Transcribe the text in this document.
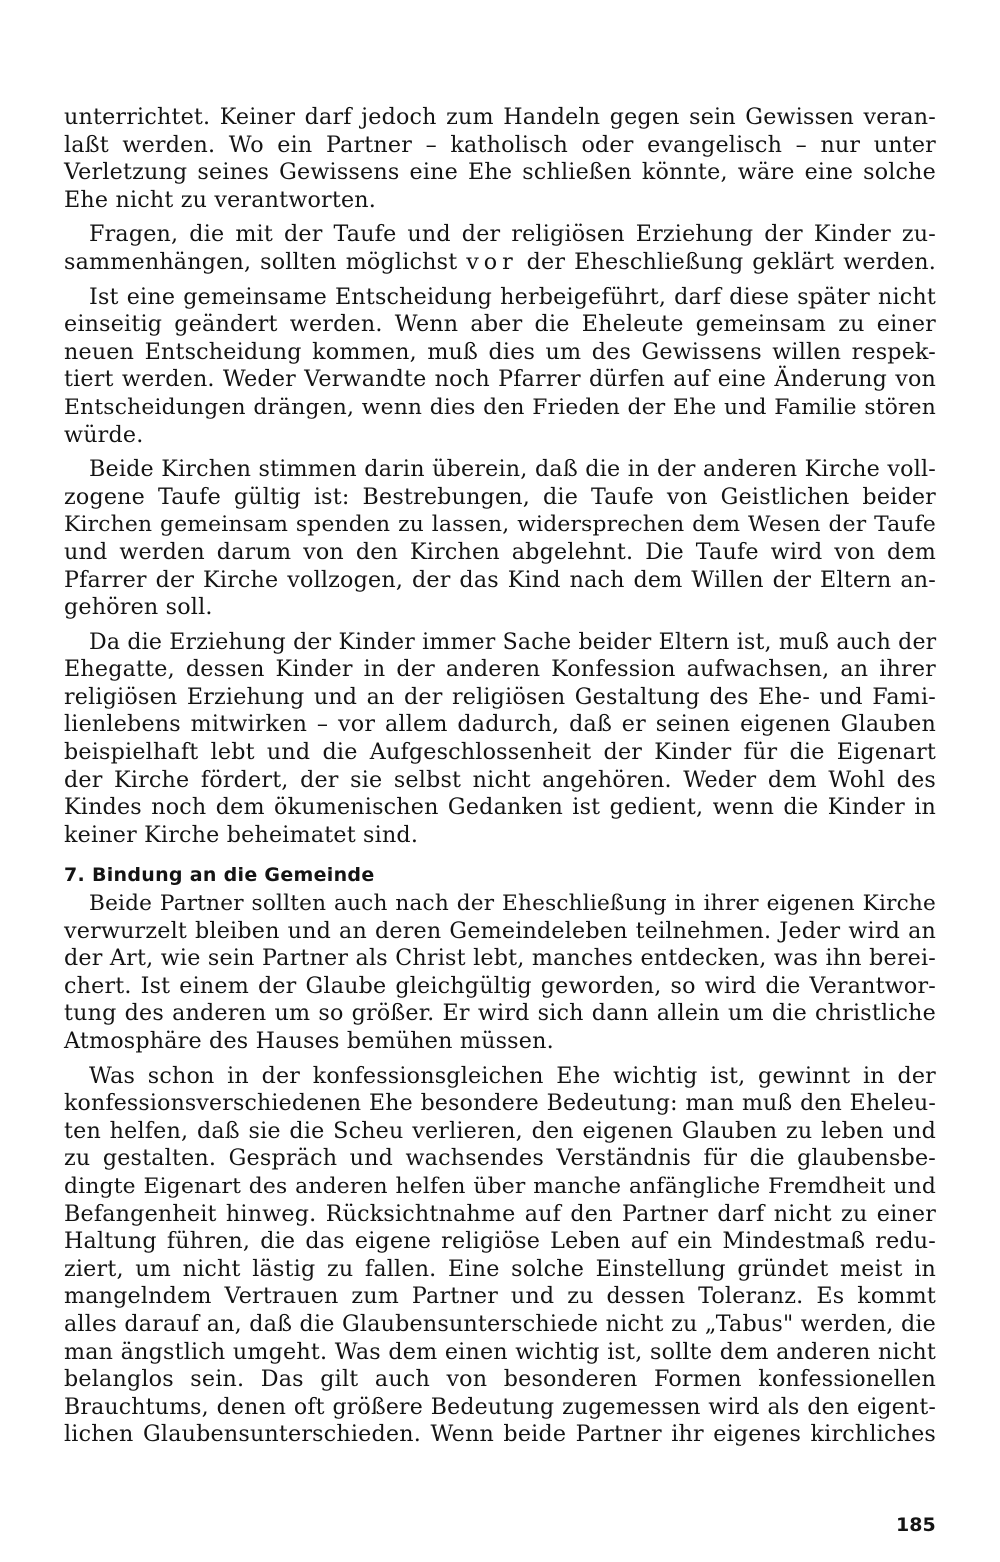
unterrichtet. Keiner darf jedoch zum Handeln gegen sein Gewissen veran-
laßt werden. Wo ein Partner – katholisch oder evangelisch – nur unter
Verletzung seines Gewissens eine Ehe schließen könnte, wäre eine solche
Ehe nicht zu verantworten.
Fragen, die mit der Taufe und der religiösen Erziehung der Kinder zu-
sammenhängen, sollten möglichst vor der Eheschließung geklärt werden.
Ist eine gemeinsame Entscheidung herbeigeführt, darf diese später nicht
einseitig geändert werden. Wenn aber die Eheleute gemeinsam zu einer
neuen Entscheidung kommen, muß dies um des Gewissens willen respek-
tiert werden. Weder Verwandte noch Pfarrer dürfen auf eine Änderung von
Entscheidungen drängen, wenn dies den Frieden der Ehe und Familie stören
würde.
Beide Kirchen stimmen darin überein, daß die in der anderen Kirche voll-
zogene Taufe gültig ist: Bestrebungen, die Taufe von Geistlichen beider
Kirchen gemeinsam spenden zu lassen, widersprechen dem Wesen der Taufe
und werden darum von den Kirchen abgelehnt. Die Taufe wird von dem
Pfarrer der Kirche vollzogen, der das Kind nach dem Willen der Eltern an-
gehören soll.
Da die Erziehung der Kinder immer Sache beider Eltern ist, muß auch der
Ehegatte, dessen Kinder in der anderen Konfession aufwachsen, an ihrer
religiösen Erziehung und an der religiösen Gestaltung des Ehe- und Fami-
lienlebens mitwirken – vor allem dadurch, daß er seinen eigenen Glauben
beispielhaft lebt und die Aufgeschlossenheit der Kinder für die Eigenart
der Kirche fördert, der sie selbst nicht angehören. Weder dem Wohl des
Kindes noch dem ökumenischen Gedanken ist gedient, wenn die Kinder in
keiner Kirche beheimatet sind.
7. Bindung an die Gemeinde
Beide Partner sollten auch nach der Eheschließung in ihrer eigenen Kirche
verwurzelt bleiben und an deren Gemeindeleben teilnehmen. Jeder wird an
der Art, wie sein Partner als Christ lebt, manches entdecken, was ihn berei-
chert. Ist einem der Glaube gleichgültig geworden, so wird die Verantwor-
tung des anderen um so größer. Er wird sich dann allein um die christliche
Atmosphäre des Hauses bemühen müssen.
Was schon in der konfessionsgleichen Ehe wichtig ist, gewinnt in der
konfessionsverschiedenen Ehe besondere Bedeutung: man muß den Eheleu-
ten helfen, daß sie die Scheu verlieren, den eigenen Glauben zu leben und
zu gestalten. Gespräch und wachsendes Verständnis für die glaubensbe-
dingte Eigenart des anderen helfen über manche anfängliche Fremdheit und
Befangenheit hinweg. Rücksichtnahme auf den Partner darf nicht zu einer
Haltung führen, die das eigene religiöse Leben auf ein Mindestmaß redu-
ziert, um nicht lästig zu fallen. Eine solche Einstellung gründet meist in
mangelndem Vertrauen zum Partner und zu dessen Toleranz. Es kommt
alles darauf an, daß die Glaubensunterschiede nicht zu „Tabus" werden, die
man ängstlich umgeht. Was dem einen wichtig ist, sollte dem anderen nicht
belanglos sein. Das gilt auch von besonderen Formen konfessionellen
Brauchtums, denen oft größere Bedeutung zugemessen wird als den eigent-
lichen Glaubensunterschieden. Wenn beide Partner ihr eigenes kirchliches
185
